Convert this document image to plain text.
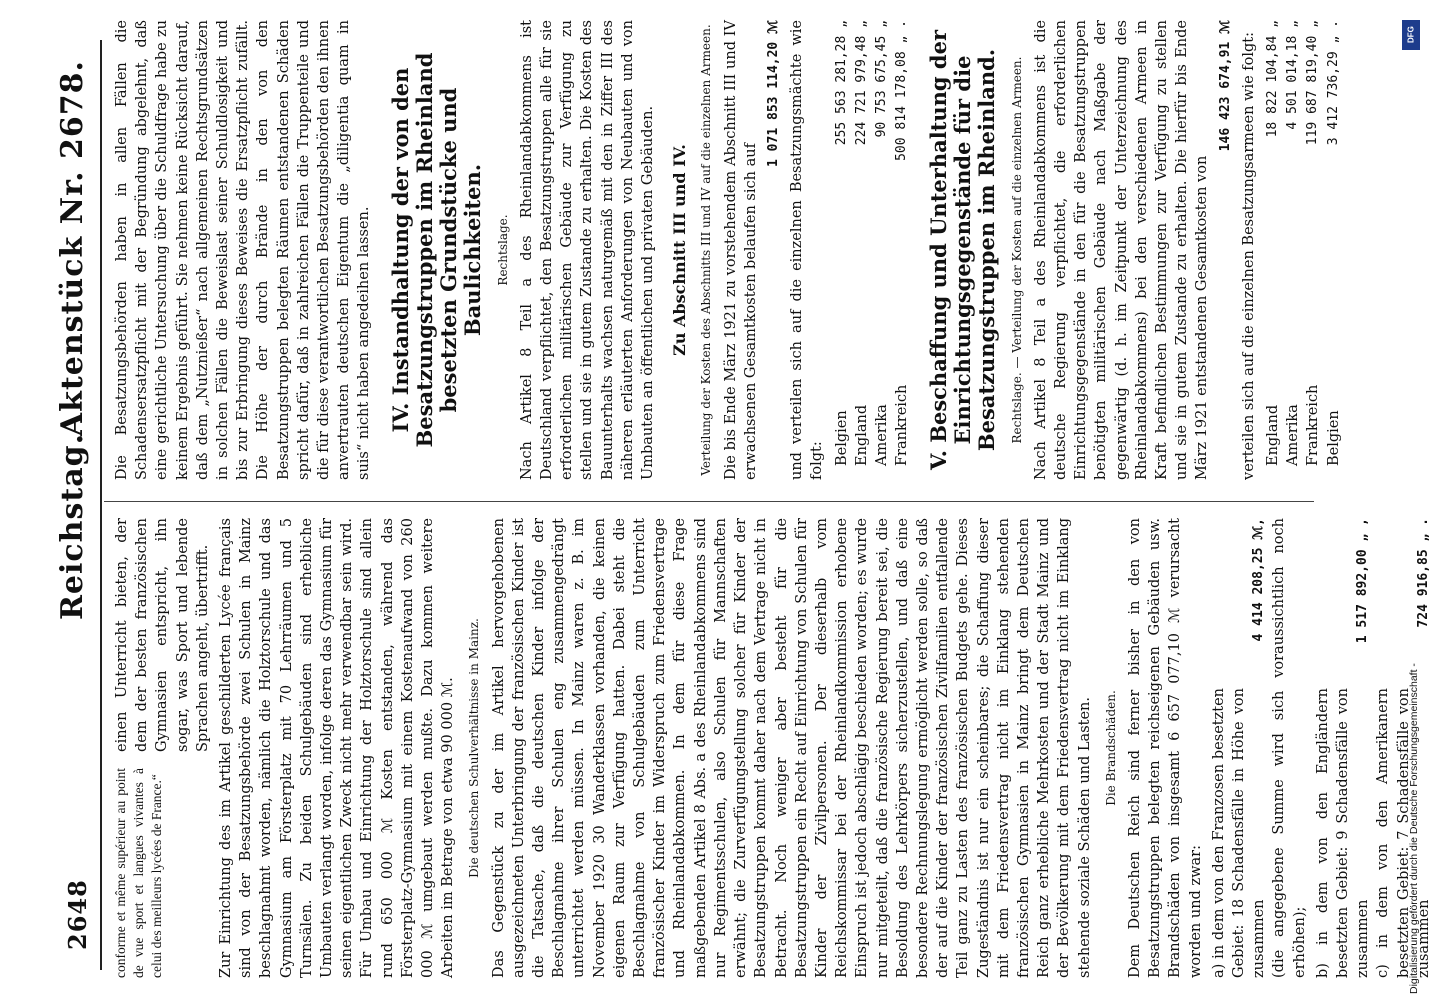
2648
Reichstag.
Aktenstück Nr. 2678.

conforme et même supérieur au point de vue sport et langues vivantes à celui des meilleurs lycées de France.“

einen Unterricht bieten, der dem der besten französischen Gymnasien entspricht, ihn sogar, was Sport und lebende Sprachen angeht, übertrifft. Zur Einrichtung des im Artikel geschilderten Lycée français sind von der Besatzungsbehörde zwei Schulen in Mainz beschlagnahmt worden, nämlich die Holztorschule und das Gymnasium am Försterplatz mit 70 Lehrräumen und 5 Turnsälen. Zu beiden Schulgebäuden sind erhebliche Umbauten verlangt worden, infolge deren das Gymnasium für seinen eigentlichen Zweck nicht mehr verwendbar sein wird. Für Umbau und Einrichtung der Holztorschule sind allein rund 650 000 ℳ Kosten entstanden, während das Försterplatz-Gymnasium mit einem Kostenaufwand von 260 000 ℳ umgebaut werden mußte. Dazu kommen weitere Arbeiten im Betrage von etwa 90 000 ℳ. Die deutschen Schulverhältnisse in Mainz. Das Gegenstück zu der im Artikel hervorgehobenen ausgezeichneten Unterbringung der französischen Kinder ist die Tatsache, daß die deutschen Kinder infolge der Beschlagnahme ihrer Schulen eng zusammengedrängt unterrichtet werden müssen. In Mainz waren z. B. im November 1920 30 Wanderklassen vorhanden, die keinen eigenen Raum zur Verfügung hatten. Dabei steht die Beschlagnahme von Schulgebäuden zum Unterricht französischer Kinder im Widerspruch zum Friedensvertrage und Rheinlandabkommen. In dem für diese Frage maßgebenden Artikel 8 Abs. a des Rheinlandabkommens sind nur Regimentsschulen, also Schulen für Mannschaften erwähnt; die Zurverfügungstellung solcher für Kinder der Besatzungstruppen kommt daher nach dem Vertrage nicht in Betracht. Noch weniger aber besteht für die Besatzungstruppen ein Recht auf Einrichtung von Schulen für Kinder der Zivilpersonen. Der dieserhalb vom Reichskommissar bei der Rheinlandkommission erhobene Einspruch ist jedoch abschlägig beschieden worden; es wurde nur mitgeteilt, daß die französische Regierung bereit sei, die Besoldung des Lehrkörpers sicherzustellen, und daß eine besondere Rechnungslegung ermöglicht werden solle, so daß der auf die Kinder der französischen Zivilfamilien entfallende Teil ganz zu Lasten des französischen Budgets gehe. Dieses Zugeständnis ist nur ein scheinbares; die Schaffung dieser mit dem Friedensvertrag nicht im Einklang stehenden französischen Gymnasien in Mainz bringt dem Deutschen Reich ganz erhebliche Mehrkosten und der Stadt Mainz und der Bevölkerung mit dem Friedensvertrag nicht im Einklang stehende soziale Schäden und Lasten. Die Brandschäden. Dem Deutschen Reich sind ferner bisher in den von Besatzungstruppen belegten reichseigenen Gebäuden usw. Brandschäden von insgesamt 6 657 077,10 ℳ verursacht worden und zwar: a) in dem von den Franzosen besetzten Gebiet: 18 Schadensfälle in Höhe von zusammen
4 414 208,25 ℳ, (die angegebene Summe wird sich voraussichtlich noch erhöhen); b) in dem von den Engländern besetzten Gebiet: 9 Schadensfälle von zusammen
1 517 892,00 „ ,
c) in dem von den Amerikanern besetzten Gebiet: 7 Schadensfälle von zusammen
724 916,85 „ .

Die Besatzungsbehörden haben in allen Fällen die Schadensersatzpflicht mit der Begründung abgelehnt, daß eine gerichtliche Untersuchung über die Schuldfrage habe zu keinem Ergebnis geführt. Sie nehmen keine Rücksicht darauf, daß dem „Nutznießer“ nach allgemeinen Rechtsgrundsätzen in solchen Fällen die Beweislast seiner Schuldlosigkeit und bis zur Erbringung dieses Beweises die Ersatzpflicht zufällt. Die Höhe der durch Brände in den von den Besatzungstruppen belegten Räumen entstandenen Schäden spricht dafür, daß in zahlreichen Fällen die Truppenteile und die für diese verantwortlichen Besatzungsbehörden den ihnen anvertrauten deutschen Eigentum die „diligentia quam in suis“ nicht haben angedeihen lassen. IV. Instandhaltung der von den Besatzungstruppen im Rheinland besetzten Grundstücke und Baulichkeiten. Rechtslage. Nach Artikel 8 Teil a des Rheinlandabkommens ist Deutschland verpflichtet, den Besatzungstruppen alle für sie erforderlichen militärischen Gebäude zur Verfügung zu stellen und sie in gutem Zustande zu erhalten. Die Kosten des Bauunterhalts wachsen naturgemäß mit den in Ziffer III des näheren erläuterten Anforderungen von Neubauten und von Umbauten an öffentlichen und privaten Gebäuden. Zu Abschnitt III und IV. Verteilung der Kosten des Abschnitts III und IV auf die einzelnen Armeen. Die bis Ende März 1921 zu vorstehendem Abschnitt III und IV erwachsenen Gesamtkosten belaufen sich auf

1 071 853 114,20 ℳ und verteilen sich auf die einzelnen Besatzungsmächte wie folgt: Belgien
255 563 281,28 „
England
224 721 979,48 „
Amerika
90 753 675,45 „
Frankreich
500 814 178,08 „ . V. Beschaffung und Unterhaltung der Einrichtungsgegenstände für die Besatzungstruppen im Rheinland. Rechtslage. — Verteilung der Kosten auf die einzelnen Armeen. Nach Artikel 8 Teil a des Rheinlandabkommens ist die deutsche Regierung verpflichtet, die erforderlichen Einrichtungsgegenstände in den für die Besatzungstruppen benötigten militärischen Gebäude nach Maßgabe der gegenwärtig (d. h. im Zeitpunkt der Unterzeichnung des Rheinlandabkommens) bei den verschiedenen Armeen in Kraft befindlichen Bestimmungen zur Verfügung zu stellen und sie in gutem Zustande zu erhalten. Die hierfür bis Ende März 1921 entstandenen Gesamtkosten von

146 423 674,91 ℳ verteilen sich auf die einzelnen Besatzungsarmeen wie folgt: England
18 822 104,84 „
Amerika
4 501 014,18 „
Frankreich
119 687 819,40 „
Belgien
3 412 736,29 „ .	DFG
Digitalisierung gefördert durch die Deutsche Forschungsgemeinschaft -
